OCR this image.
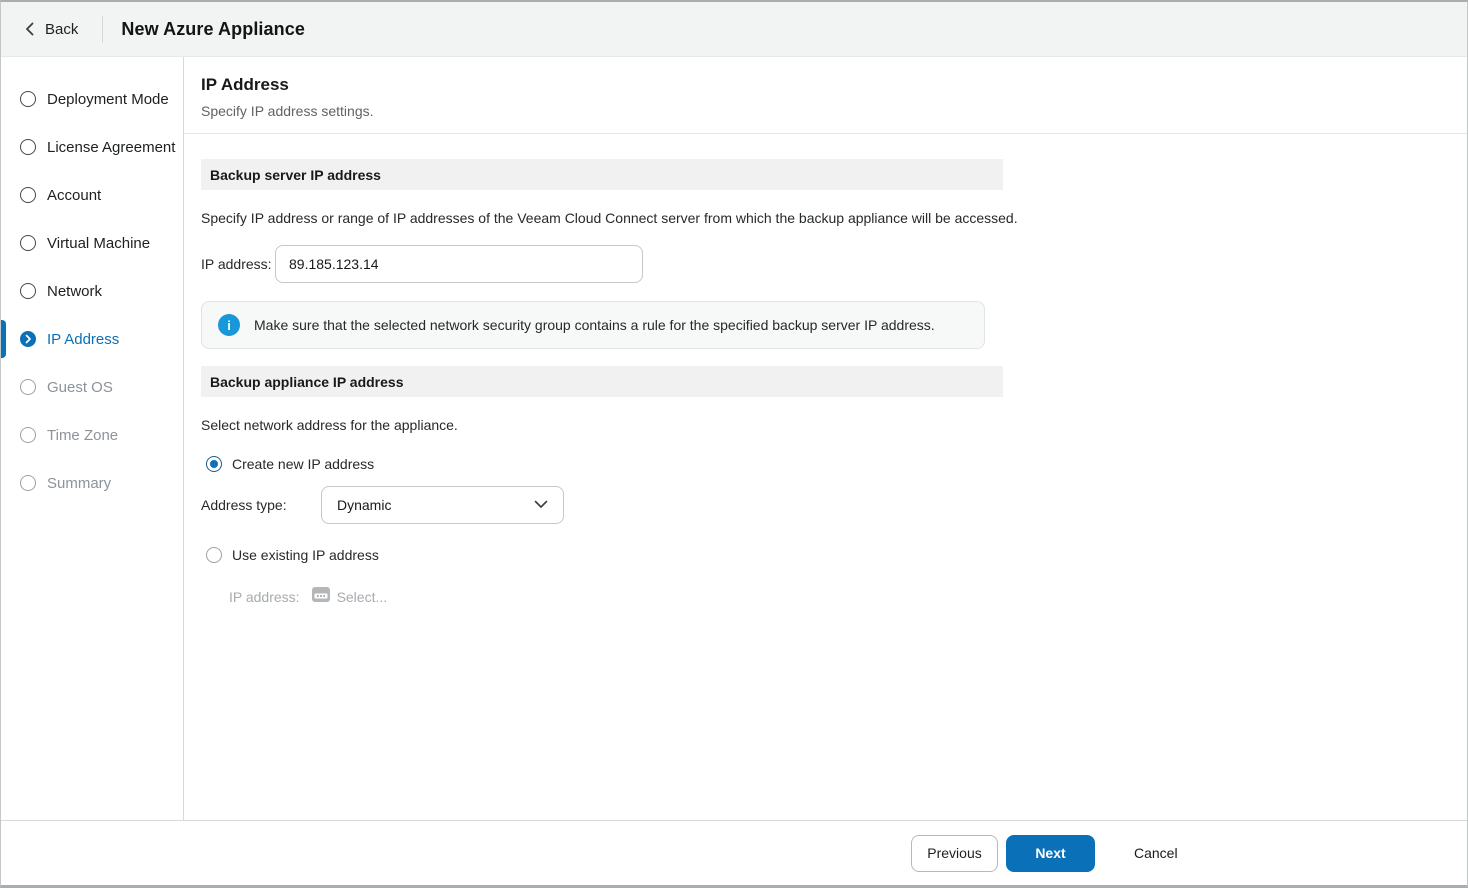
Back New Azure Appliance
Deployment Mode
License Agreement
Account
Virtual Machine
Network
IP Address
Guest OS
Time Zone
Summary
IP Address
Specify IP address settings.
Backup server IP address
Specify IP address or range of IP addresses of the Veeam Cloud Connect server from which the backup appliance will be accessed.
IP address:
89.185.123.14
i	Make sure that the selected network security group contains a rule for the specified backup server IP address.
Backup appliance IP address
Select network address for the appliance.
Create new IP address
Address type:	Dynamic
Use existing IP address
IP address:	Select...
Previous	Next	Cancel
